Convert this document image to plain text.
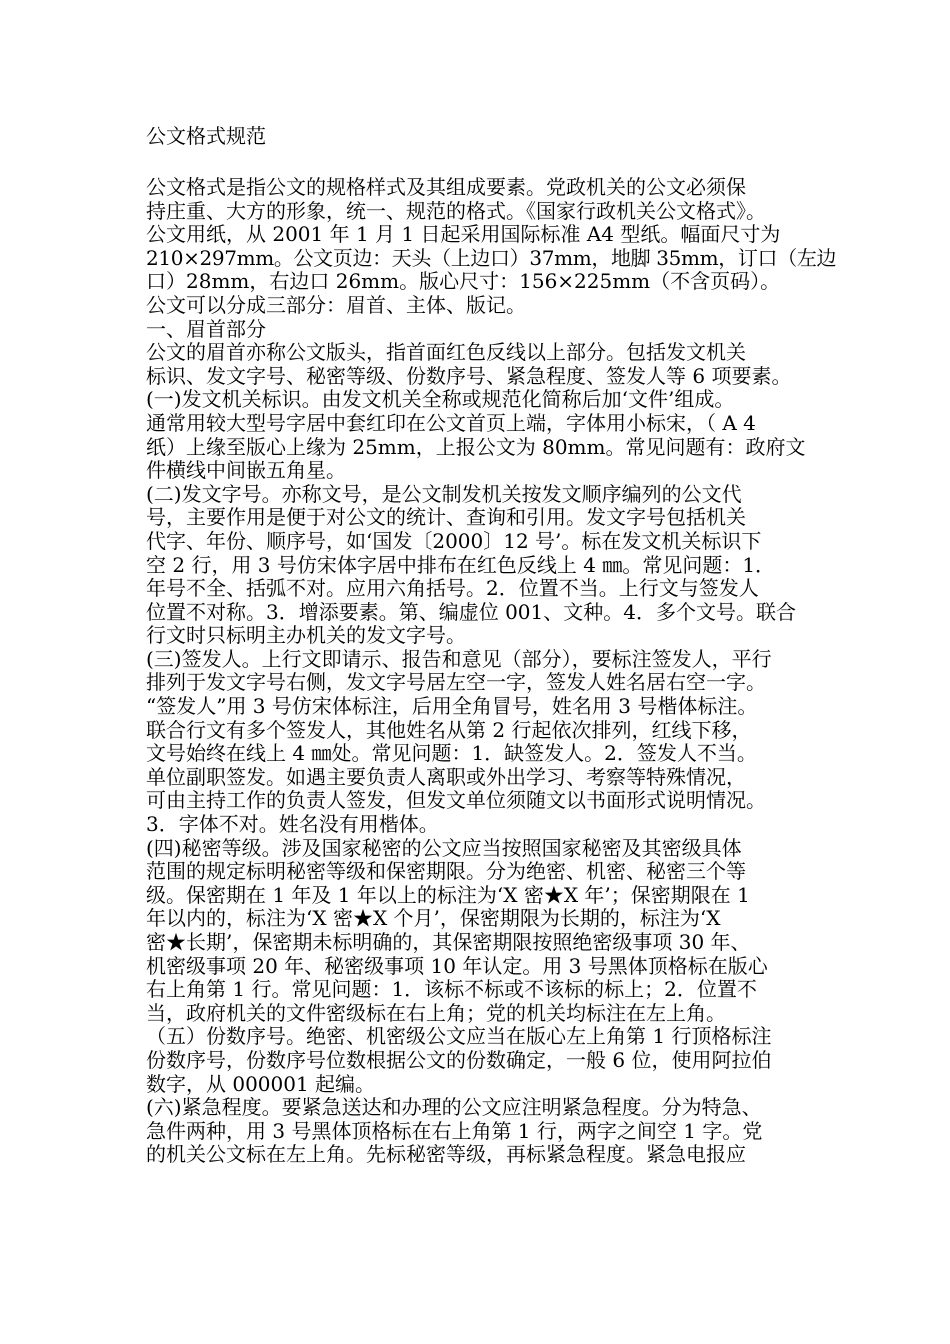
公文格式规范
公文格式是指公文的规格样式及其组成要素。党政机关的公文必须保
持庄重、大方的形象，统一、规范的格式。《国家行政机关公文格式》。
公文用纸，从 2001 年 1 月 1 日起采用国际标准 A4 型纸。幅面尺寸为
210×297mm。公文页边：天头（上边口）37mm，地脚 35mm，订口（左边
口）28mm，右边口 26mm。版心尺寸：156×225mm（不含页码）。
公文可以分成三部分：眉首、主体、版记。
一、眉首部分
公文的眉首亦称公文版头，指首面红色反线以上部分。包括发文机关
标识、发文字号、秘密等级、份数序号、紧急程度、签发人等 6 项要素。
(一)发文机关标识。由发文机关全称或规范化简称后加‘文件’组成。
通常用较大型号字居中套红印在公文首页上端，字体用小标宋，（ A 4
纸）上缘至版心上缘为 25mm，上报公文为 80mm。常见问题有：政府文
件横线中间嵌五角星。
(二)发文字号。亦称文号，是公文制发机关按发文顺序编列的公文代
号，主要作用是便于对公文的统计、查询和引用。发文字号包括机关
代字、年份、顺序号，如‘国发〔2000〕12 号’。标在发文机关标识下
空 2 行，用 3 号仿宋体字居中排布在红色反线上 4 ㎜。常见问题：1．
年号不全、括弧不对。应用六角括号。2．位置不当。上行文与签发人
位置不对称。3．增添要素。第、编虚位 001、文种。4．多个文号。联合
行文时只标明主办机关的发文字号。
(三)签发人。上行文即请示、报告和意见（部分），要标注签发人，平行
排列于发文字号右侧，发文字号居左空一字，签发人姓名居右空一字。
“签发人”用 3 号仿宋体标注，后用全角冒号，姓名用 3 号楷体标注。
联合行文有多个签发人，其他姓名从第 2 行起依次排列，红线下移，
文号始终在线上 4 ㎜处。常见问题：1．缺签发人。2．签发人不当。
单位副职签发。如遇主要负责人离职或外出学习、考察等特殊情况，
可由主持工作的负责人签发，但发文单位须随文以书面形式说明情况。
3．字体不对。姓名没有用楷体。
(四)秘密等级。涉及国家秘密的公文应当按照国家秘密及其密级具体
范围的规定标明秘密等级和保密期限。分为绝密、机密、秘密三个等
级。保密期在 1 年及 1 年以上的标注为‘X 密★X 年’；保密期限在 1
年以内的，标注为‘X 密★X 个月’，保密期限为长期的，标注为‘X
密★长期’，保密期未标明确的，其保密期限按照绝密级事项 30 年、
机密级事项 20 年、秘密级事项 10 年认定。用 3 号黑体顶格标在版心
右上角第 1 行。常见问题：1．该标不标或不该标的标上；2．位置不
当，政府机关的文件密级标在右上角；党的机关均标注在左上角。
（五）份数序号。绝密、机密级公文应当在版心左上角第 1 行顶格标注
份数序号，份数序号位数根据公文的份数确定，一般 6 位，使用阿拉伯
数字，从 000001 起编。
(六)紧急程度。要紧急送达和办理的公文应注明紧急程度。分为特急、
急件两种，用 3 号黑体顶格标在右上角第 1 行，两字之间空 1 字。党
的机关公文标在左上角。先标秘密等级，再标紧急程度。紧急电报应
